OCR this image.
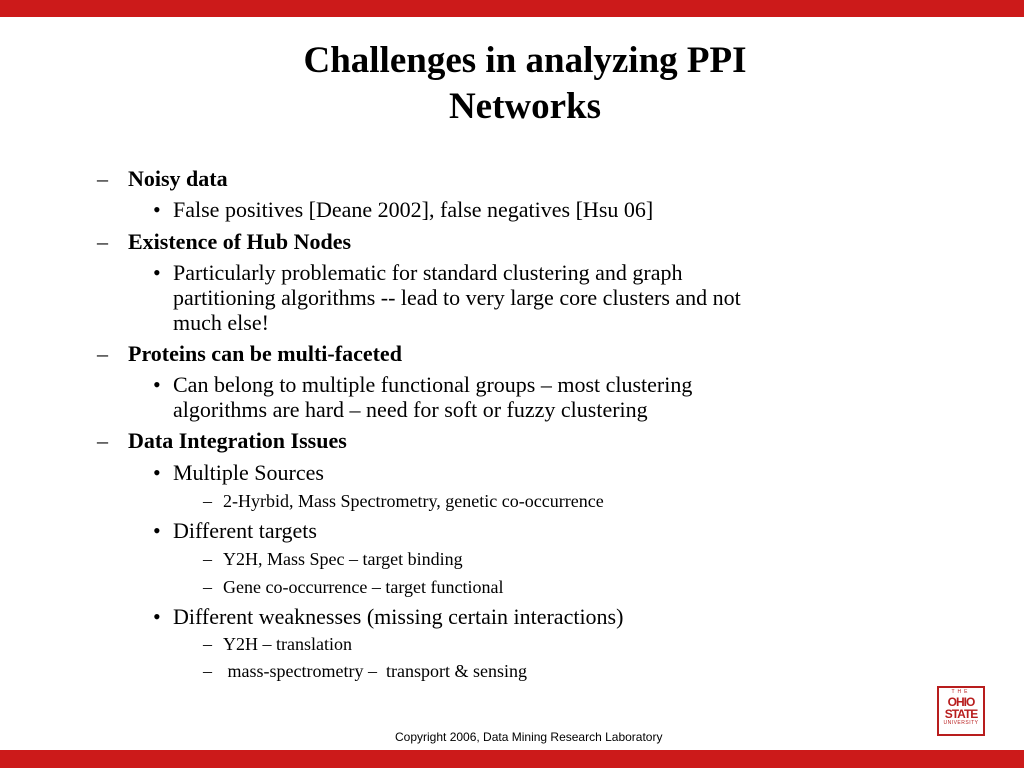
Challenges in analyzing PPI
Networks
– Noisy data
• False positives [Deane 2002], false negatives [Hsu 06]
– Existence of Hub Nodes
• Particularly problematic for standard clustering and graph
partitioning algorithms -- lead to very large core clusters and not
much else!
– Proteins can be multi-faceted
• Can belong to multiple functional groups – most clustering
algorithms are hard – need for soft or fuzzy clustering
– Data Integration Issues
• Multiple Sources
– 2-Hyrbid, Mass Spectrometry, genetic co-occurrence
• Different targets
– Y2H, Mass Spec – target binding
– Gene co-occurrence – target functional
• Different weaknesses (missing certain interactions)
– Y2H – translation
– mass-spectrometry –  transport & sensing
THE
OHIO
STATE
UNIVERSITY
Copyright 2006, Data Mining Research Laboratory
